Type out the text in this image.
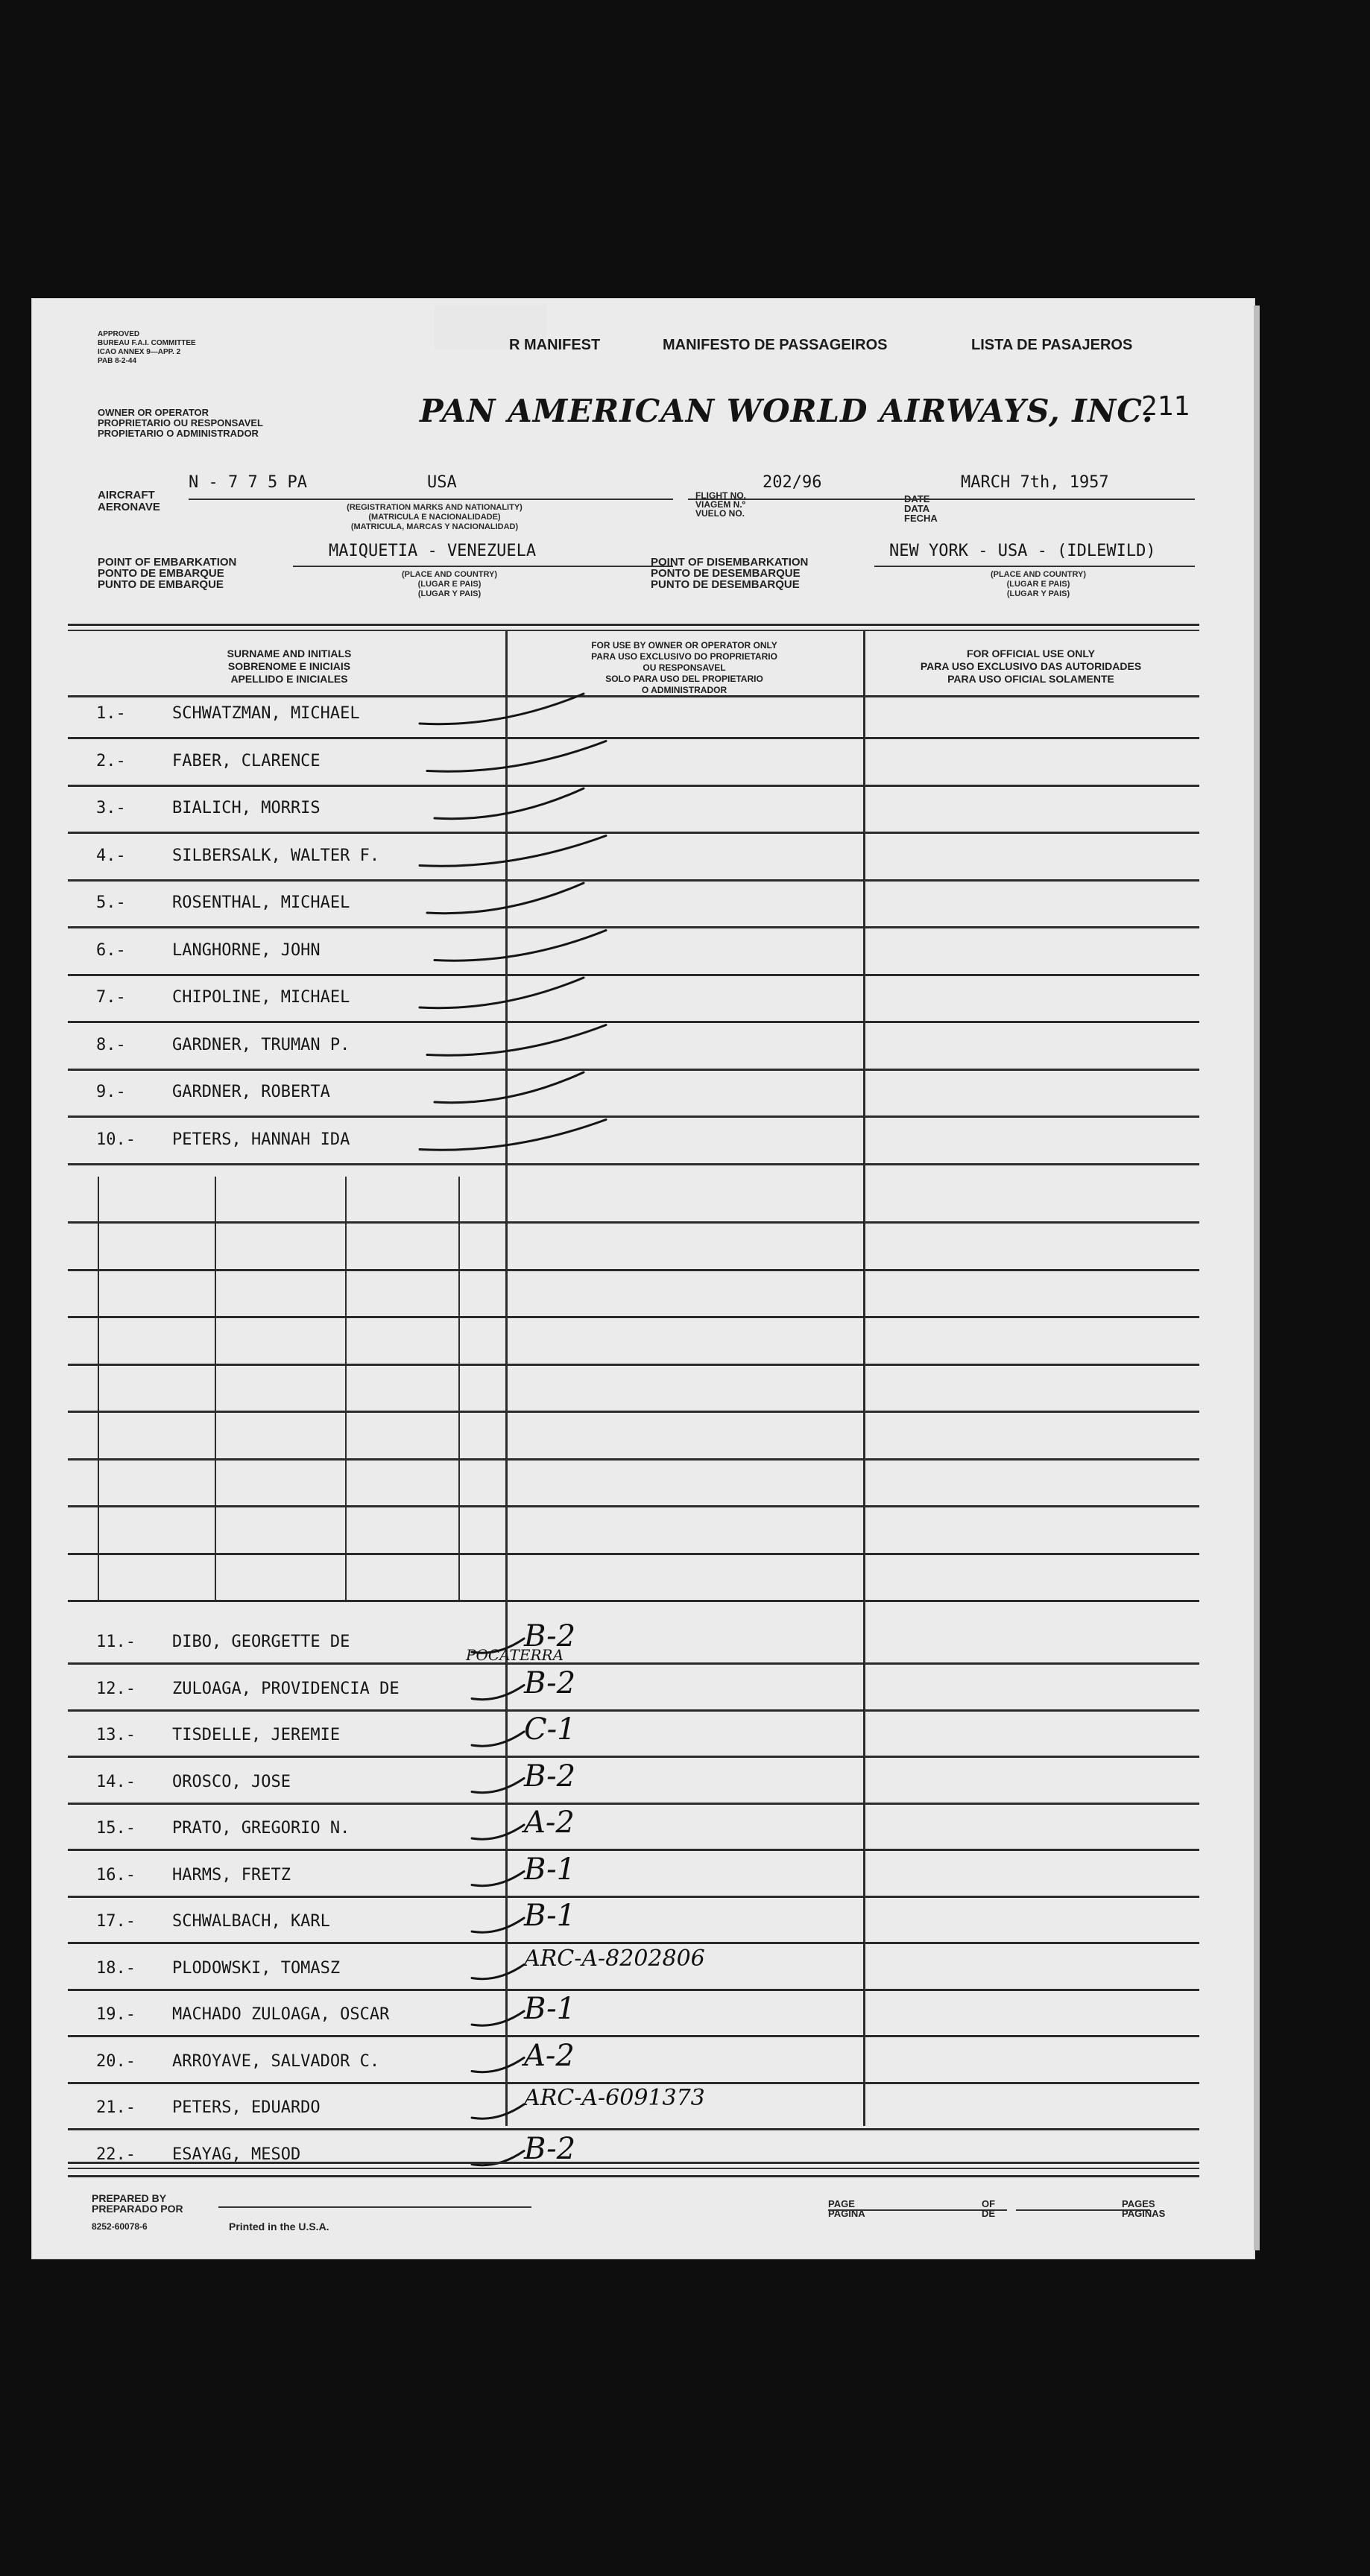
APPROVED
BUREAU F.A.I. COMMITTEE
ICAO ANNEX 9—APP. 2
PAB 8-2-44
R MANIFEST	MANIFESTO DE PASSAGEIROS	LISTA DE PASAJEROS
OWNER OR OPERATOR
PROPRIETARIO OU RESPONSAVEL
PROPIETARIO O ADMINISTRADOR
PAN AMERICAN WORLD AIRWAYS, INC.
211
AIRCRAFT
AERONAVE
N - 7 7 5 PA	USA
(REGISTRATION MARKS AND NATIONALITY)
(MATRICULA E NACIONALIDADE)
(MATRICULA, MARCAS Y NACIONALIDAD)
FLIGHT NO.
VIAGEM N.º
VUELO NO.
202/96
DATE
DATA
FECHA
MARCH 7th, 1957
POINT OF EMBARKATION
PONTO DE EMBARQUE
PUNTO DE EMBARQUE
MAIQUETIA - VENEZUELA
(PLACE AND COUNTRY)
(LUGAR E PAIS)
(LUGAR Y PAIS)
POINT OF DISEMBARKATION
PONTO DE DESEMBARQUE
PUNTO DE DESEMBARQUE
NEW YORK - USA - (IDLEWILD)
(PLACE AND COUNTRY)
(LUGAR E PAIS)
(LUGAR Y PAIS)
SURNAME AND INITIALS
SOBRENOME E INICIAIS
APELLIDO E INICIALES
FOR USE BY OWNER OR OPERATOR ONLY
PARA USO EXCLUSIVO DO PROPRIETARIO
OU RESPONSAVEL
SOLO PARA USO DEL PROPIETARIO
O ADMINISTRADOR
FOR OFFICIAL USE ONLY
PARA USO EXCLUSIVO DAS AUTORIDADES
PARA USO OFICIAL SOLAMENTE
1.-	SCHWATZMAN, MICHAEL
2.-	FABER, CLARENCE
3.-	BIALICH, MORRIS
4.-	SILBERSALK, WALTER F.
5.-	ROSENTHAL, MICHAEL
6.-	LANGHORNE, JOHN
7.-	CHIPOLINE, MICHAEL
8.-	GARDNER, TRUMAN P.
9.-	GARDNER, ROBERTA
10.- PETERS, HANNAH IDA
11.- DIBO, GEORGETTE DE	B-2
12.- ZULOAGA, PROVIDENCIA DE	B-2
13.- TISDELLE, JEREMIE	C-1
14.- OROSCO, JOSE	B-2
15.- PRATO, GREGORIO N.	A-2
16.- HARMS, FRETZ	B-1
17.- SCHWALBACH, KARL	B-1
18.- PLODOWSKI, TOMASZ	ARC-A-8202806
19.- MACHADO ZULOAGA, OSCAR	B-1
20.- ARROYAVE, SALVADOR C.	A-2
21.- PETERS, EDUARDO	ARC-A-6091373
22.- ESAYAG, MESOD	B-2
POCATERRA
PREPARED BY
PREPARADO POR
8252-60078-6	Printed in the U.S.A.
PAGE
PAGINA
OF
DE
PAGES
PAGINAS
